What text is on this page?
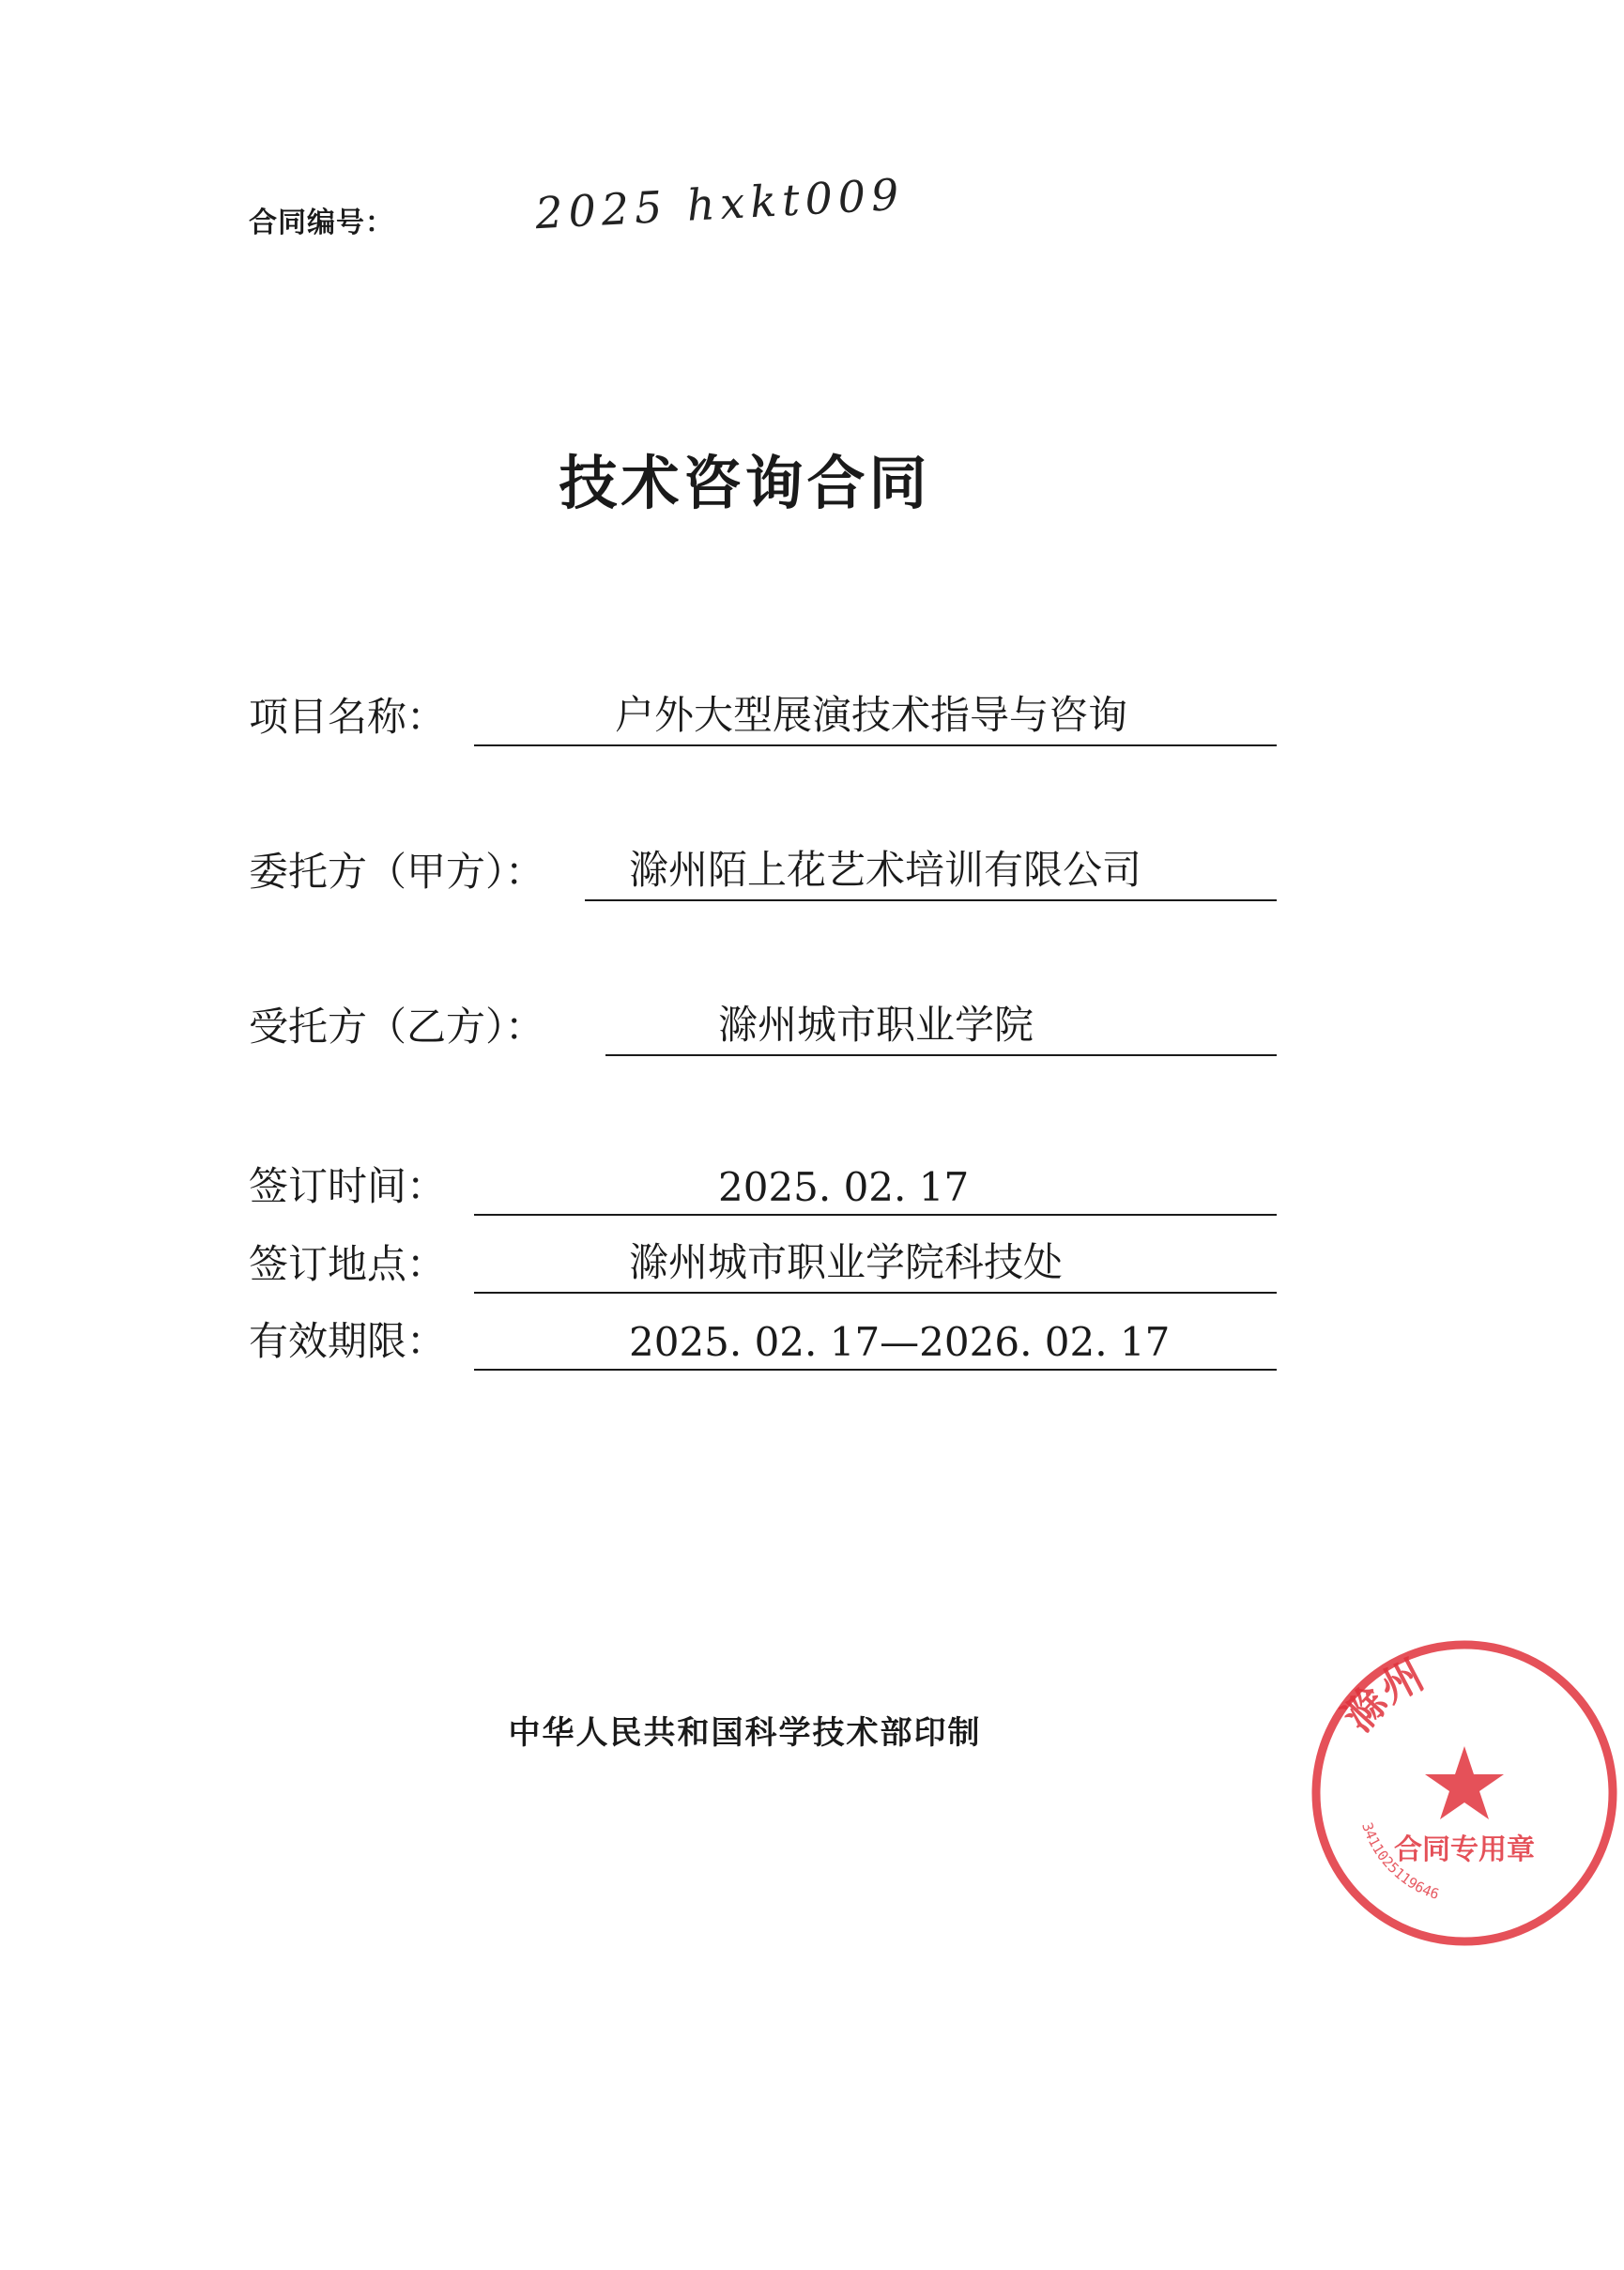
合同编号：	2025 hxkt009
技术咨询合同
项目名称：	户外大型展演技术指导与咨询
委托方（甲方）： 滁州陌上花艺术培训有限公司
受托方（乙方）：	滁州城市职业学院
签订时间：	2025. 02. 17
签订地点：	滁州城市职业学院科技处
有效期限：	2025. 02. 17—2026. 02. 17
中华人民共和国科学技术部印制	滁州
3411025119646
合同专用章
